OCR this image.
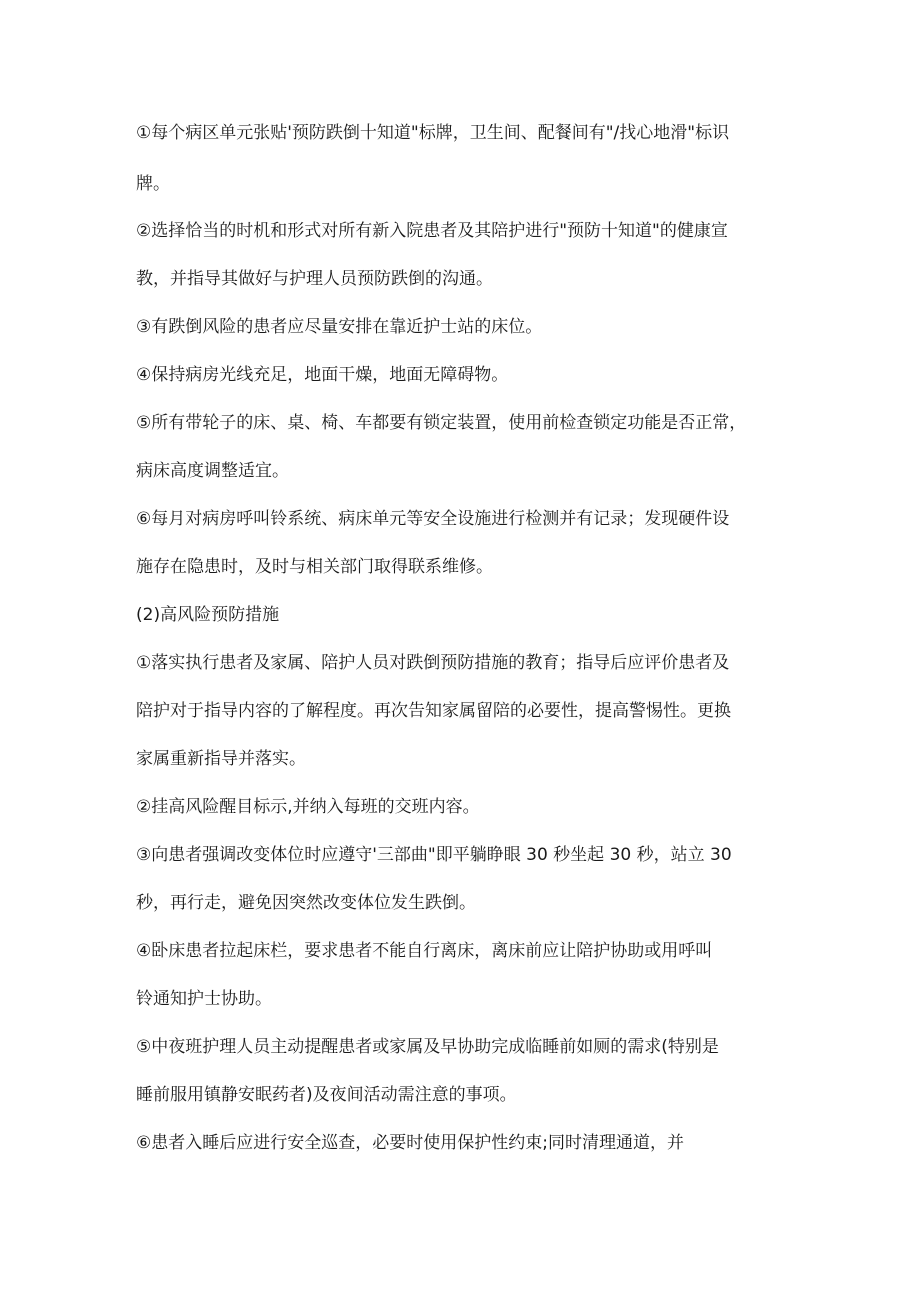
①每个病区单元张贴'预防跌倒十知道"标牌，卫生间、配餐间有"/找心地滑"标识
牌。
②选择恰当的时机和形式对所有新入院患者及其陪护进行"预防十知道"的健康宣
教，并指导其做好与护理人员预防跌倒的沟通。
③有跌倒风险的患者应尽量安排在靠近护士站的床位。
④保持病房光线充足，地面干燥，地面无障碍物。
⑤所有带轮子的床、桌、椅、车都要有锁定装置，使用前检查锁定功能是否正常，
病床高度调整适宜。
⑥每月对病房呼叫铃系统、病床单元等安全设施进行检测并有记录；发现硬件设
施存在隐患时，及时与相关部门取得联系维修。
(2)高风险预防措施
①落实执行患者及家属、陪护人员对跌倒预防措施的教育；指导后应评价患者及
陪护对于指导内容的了解程度。再次告知家属留陪的必要性，提高警惕性。更换
家属重新指导并落实。
②挂高风险醒目标示,并纳入每班的交班内容。
③向患者强调改变体位时应遵守'三部曲"即平躺睁眼 30 秒坐起 30 秒，站立 30
秒，再行走，避免因突然改变体位发生跌倒。
④卧床患者拉起床栏，要求患者不能自行离床，离床前应让陪护协助或用呼叫
铃通知护士协助。
⑤中夜班护理人员主动提醒患者或家属及早协助完成临睡前如厕的需求(特别是
睡前服用镇静安眠药者)及夜间活动需注意的事项。
⑥患者入睡后应进行安全巡查，必要时使用保护性约束;同时清理通道，并
